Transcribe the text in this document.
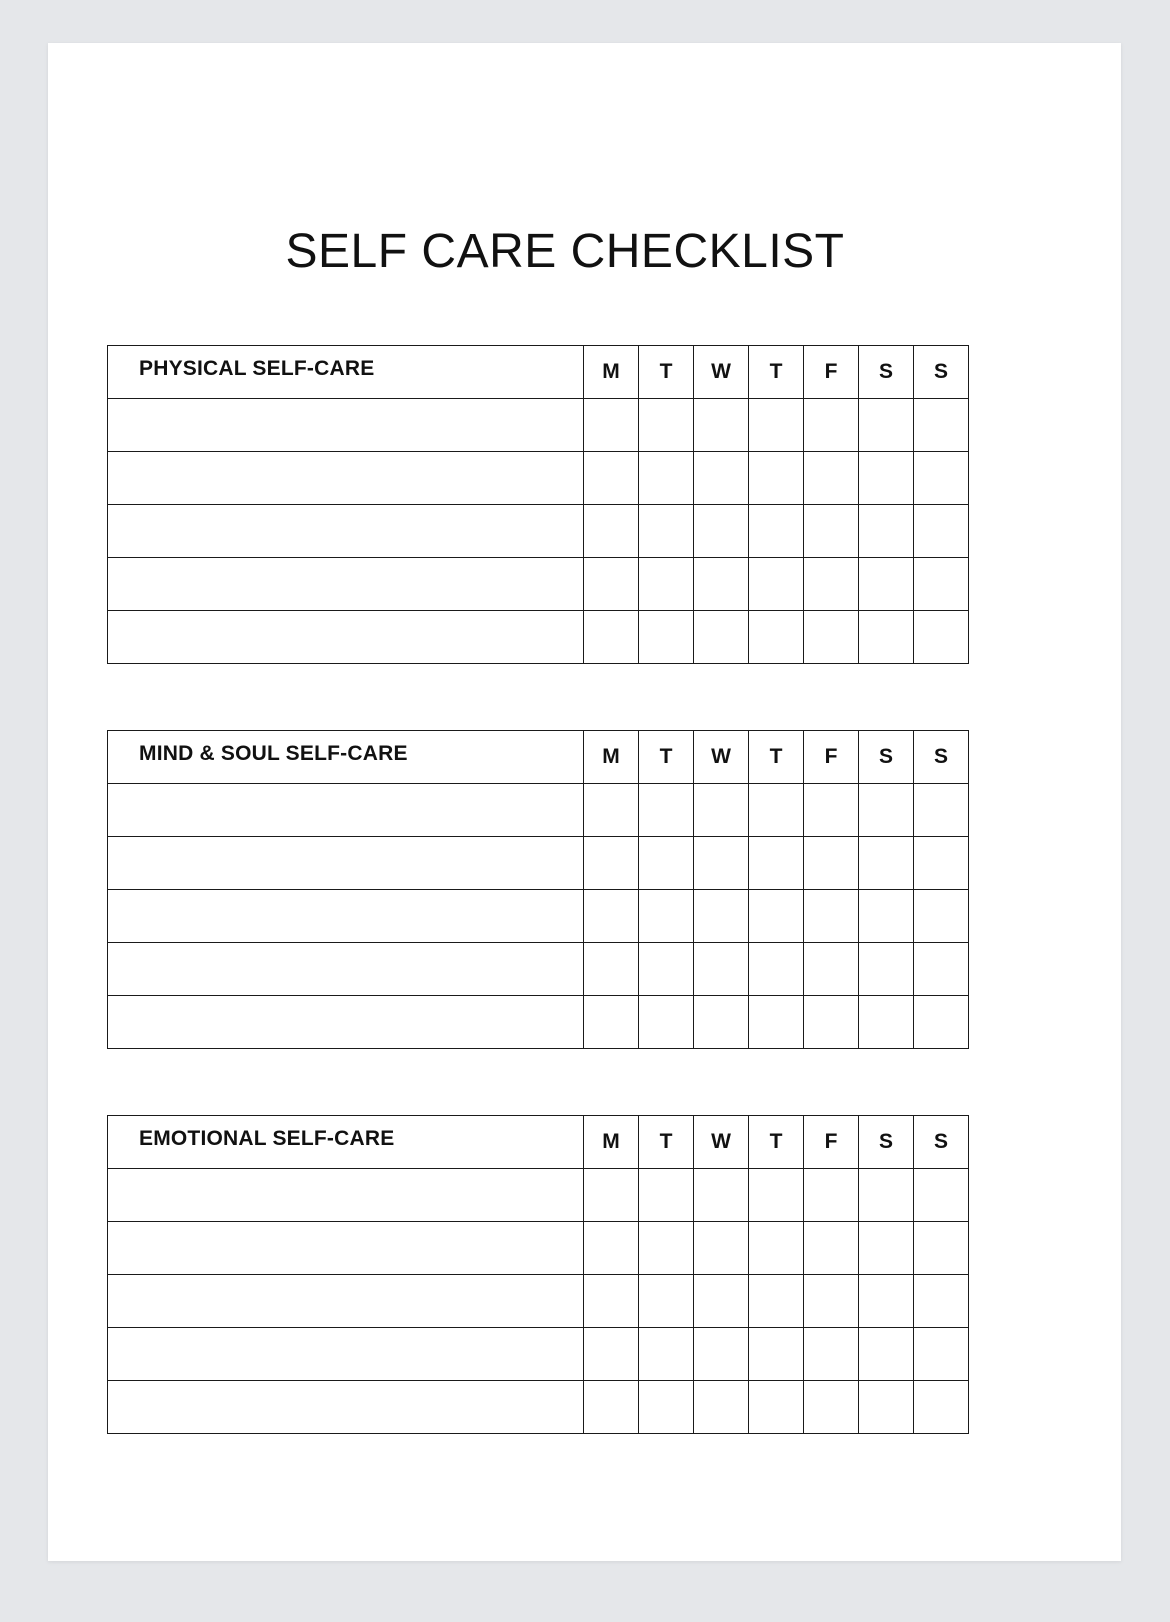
SELF CARE CHECKLIST
PHYSICAL SELF-CARE	M	T	W	T	F	S	S

MIND & SOUL SELF-CARE	M	T	W	T	F	S	S

EMOTIONAL SELF-CARE	M	T	W	T	F	S	S
